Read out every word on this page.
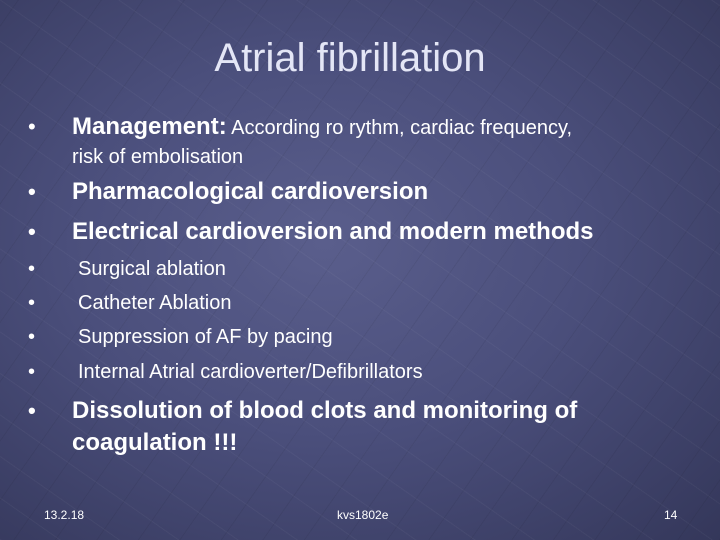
Atrial fibrillation
• Management: According ro rythm, cardiac frequency,
risk of embolisation
• Pharmacological cardioversion
• Electrical cardioversion and modern methods
• Surgical ablation
• Catheter Ablation
• Suppression of AF by pacing
• Internal Atrial cardioverter/Defibrillators
• Dissolution of blood clots and monitoring of
coagulation !!!
13.2.18	kvs1802e	14
